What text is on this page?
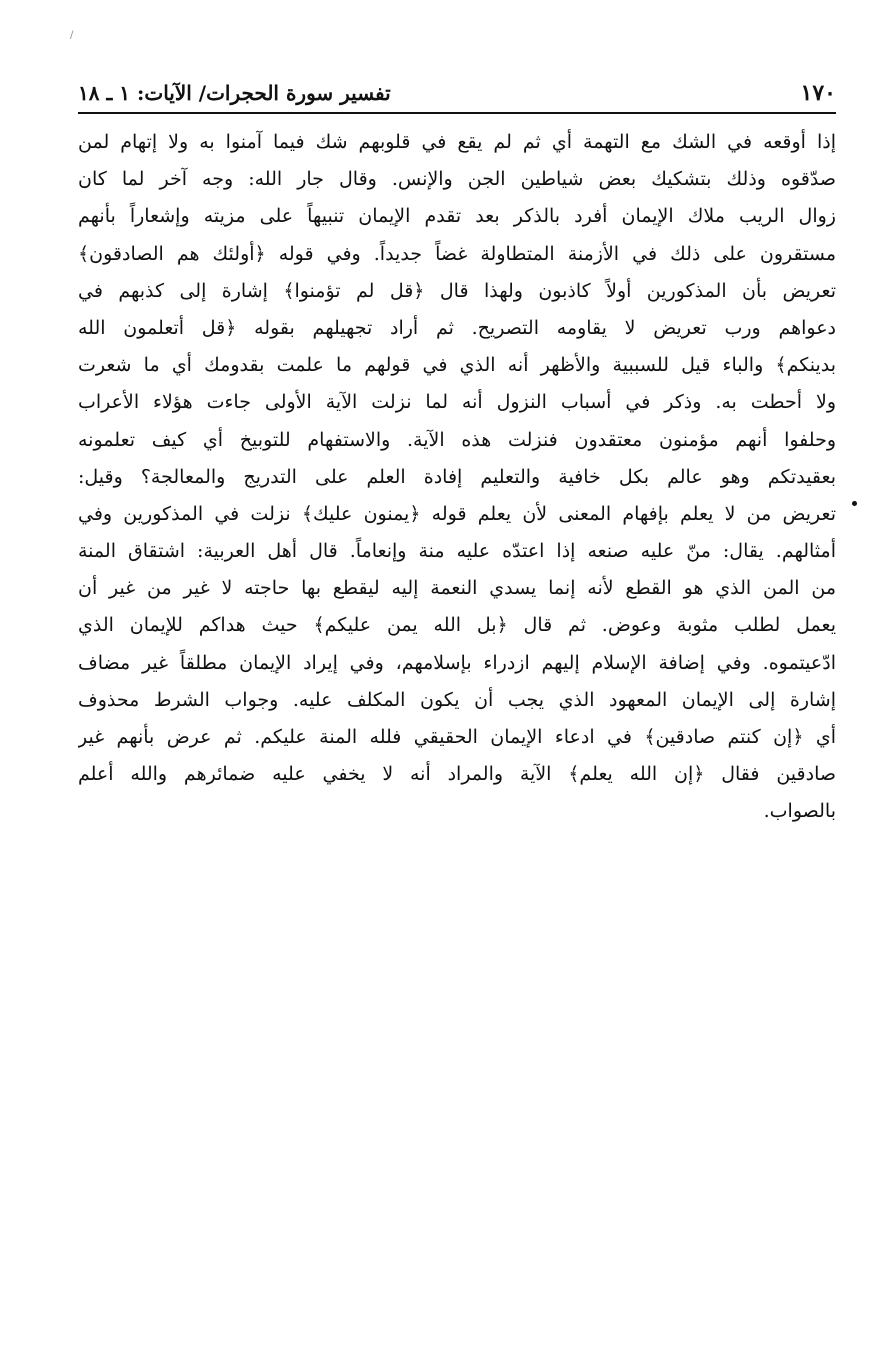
/
١٧٠
تفسير سورة الحجرات/ الآيات: ١ ـ ١٨
إذا أوقعه في الشك مع التهمة أي ثم لم يقع في قلوبهم شك فيما آمنوا به ولا إتهام لمن
صدّقوه وذلك بتشكيك بعض شياطين الجن والإنس. وقال جار الله: وجه آخر لما كان
زوال الريب ملاك الإيمان أفرد بالذكر بعد تقدم الإيمان تنبيهاً على مزيته وإشعاراً بأنهم
مستقرون على ذلك في الأزمنة المتطاولة غضاً جديداً. وفي قوله ﴿أولئك هم الصادقون﴾
تعريض بأن المذكورين أولاً كاذبون ولهذا قال ﴿قل لم تؤمنوا﴾ إشارة إلى كذبهم في
دعواهم ورب تعريض لا يقاومه التصريح. ثم أراد تجهيلهم بقوله ﴿قل أتعلمون الله
بدينكم﴾ والباء قيل للسببية والأظهر أنه الذي في قولهم ما علمت بقدومك أي ما شعرت
ولا أحطت به. وذكر في أسباب النزول أنه لما نزلت الآية الأولى جاءت هؤلاء الأعراب
وحلفوا أنهم مؤمنون معتقدون فنزلت هذه الآية. والاستفهام للتوبيخ أي كيف تعلمونه
بعقيدتكم وهو عالم بكل خافية والتعليم إفادة العلم على التدريج والمعالجة؟ وقيل:
تعريض من لا يعلم بإفهام المعنى لأن يعلم قوله ﴿يمنون عليك﴾ نزلت في المذكورين وفي
أمثالهم. يقال: منّ عليه صنعه إذا اعتدّه عليه منة وإنعاماً. قال أهل العربية: اشتقاق المنة
من المن الذي هو القطع لأنه إنما يسدي النعمة إليه ليقطع بها حاجته لا غير من غير أن
يعمل لطلب مثوبة وعوض. ثم قال ﴿بل الله يمن عليكم﴾ حيث هداكم للإيمان الذي
ادّعيتموه. وفي إضافة الإسلام إليهم ازدراء بإسلامهم، وفي إيراد الإيمان مطلقاً غير مضاف
إشارة إلى الإيمان المعهود الذي يجب أن يكون المكلف عليه. وجواب الشرط محذوف
أي ﴿إن كنتم صادقين﴾ في ادعاء الإيمان الحقيقي فلله المنة عليكم. ثم عرض بأنهم غير
صادقين فقال ﴿إن الله يعلم﴾ الآية والمراد أنه لا يخفي عليه ضمائرهم والله أعلم
بالصواب.
